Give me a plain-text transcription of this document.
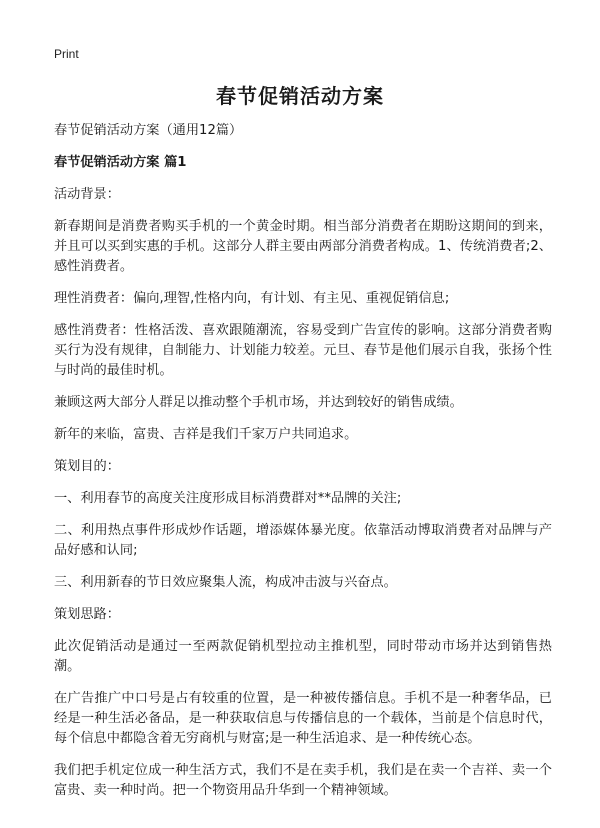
Print
春节促销活动方案

春节促销活动方案（通用12篇）

春节促销活动方案 篇1

活动背景：

新春期间是消费者购买手机的一个黄金时期。相当部分消费者在期盼这期间的到来，并且可以买到实惠的手机。这部分人群主要由两部分消费者构成。1、传统消费者;2、感性消费者。

理性消费者：偏向,理智,性格内向，有计划、有主见、重视促销信息;

感性消费者：性格活泼、喜欢跟随潮流，容易受到广告宣传的影响。这部分消费者购买行为没有规律，自制能力、计划能力较差。元旦、春节是他们展示自我，张扬个性与时尚的最佳时机。

兼顾这两大部分人群足以推动整个手机市场，并达到较好的销售成绩。

新年的来临，富贵、吉祥是我们千家万户共同追求。

策划目的：

一、利用春节的高度关注度形成目标消费群对**品牌的关注;

二、利用热点事件形成炒作话题，增添媒体暴光度。依靠活动博取消费者对品牌与产品好感和认同;

三、利用新春的节日效应聚集人流，构成冲击波与兴奋点。

策划思路：

此次促销活动是通过一至两款促销机型拉动主推机型，同时带动市场并达到销售热潮。

在广告推广中口号是占有较重的位置，是一种被传播信息。手机不是一种奢华品，已经是一种生活必备品，是一种获取信息与传播信息的一个载体，当前是个信息时代，每个信息中都隐含着无穷商机与财富;是一种生活追求、是一种传统心态。

我们把手机定位成一种生活方式，我们不是在卖手机，我们是在卖一个吉祥、卖一个富贵、卖一种时尚。把一个物资用品升华到一个精神领域。
